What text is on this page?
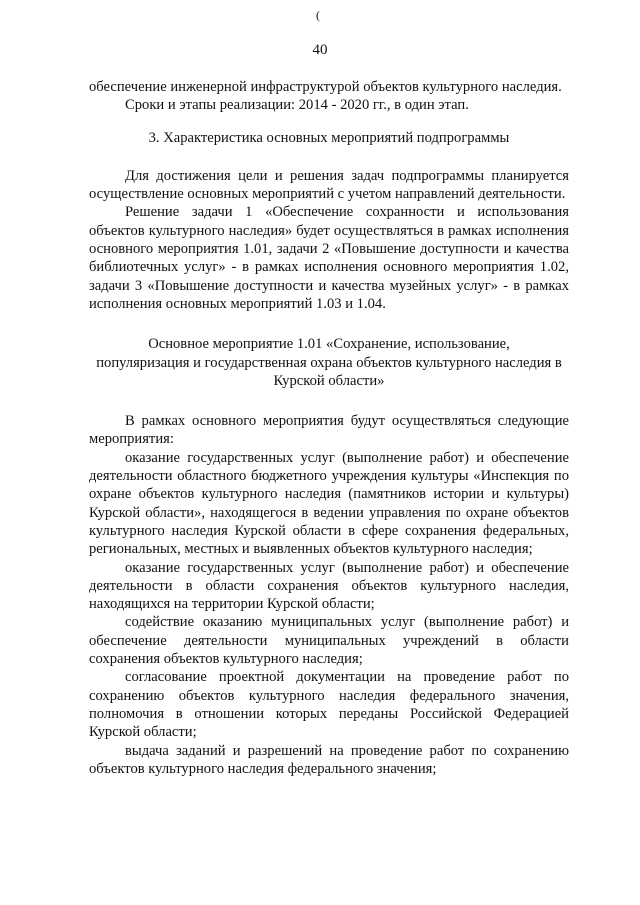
(
40

обеспечение инженерной инфраструктурой объектов культурного наследия.

Сроки и этапы реализации: 2014 - 2020 гг., в один этап.

3. Характеристика основных мероприятий подпрограммы

Для достижения цели и решения задач подпрограммы планируется осуществление основных мероприятий с учетом направлений деятельности.

Решение задачи 1 «Обеспечение сохранности и использования объектов культурного наследия» будет осуществляться в рамках исполнения основного мероприятия 1.01, задачи 2 «Повышение доступности и качества библиотечных услуг» - в рамках исполнения основного мероприятия 1.02, задачи 3 «Повышение доступности и качества музейных услуг» - в рамках исполнения основных мероприятий 1.03 и 1.04.

Основное мероприятие 1.01 «Сохранение, использование,
популяризация и государственная охрана объектов культурного наследия в
Курской области»

В рамках основного мероприятия будут осуществляться следующие мероприятия:

оказание государственных услуг (выполнение работ) и обеспечение деятельности областного бюджетного учреждения культуры «Инспекция по охране объектов культурного наследия (памятников истории и культуры) Курской области», находящегося в ведении управления по охране объектов культурного наследия Курской области в сфере сохранения федеральных, региональных, местных и выявленных объектов культурного наследия;

оказание государственных услуг (выполнение работ) и обеспечение деятельности в области сохранения объектов культурного наследия, находящихся на территории Курской области;

содействие оказанию муниципальных услуг (выполнение работ) и обеспечение деятельности муниципальных учреждений в области сохранения объектов культурного наследия;

согласование проектной документации на проведение работ по сохранению объектов культурного наследия федерального значения, полномочия в отношении которых переданы Российской Федерацией Курской области;

выдача заданий и разрешений на проведение работ по сохранению объектов культурного наследия федерального значения;
